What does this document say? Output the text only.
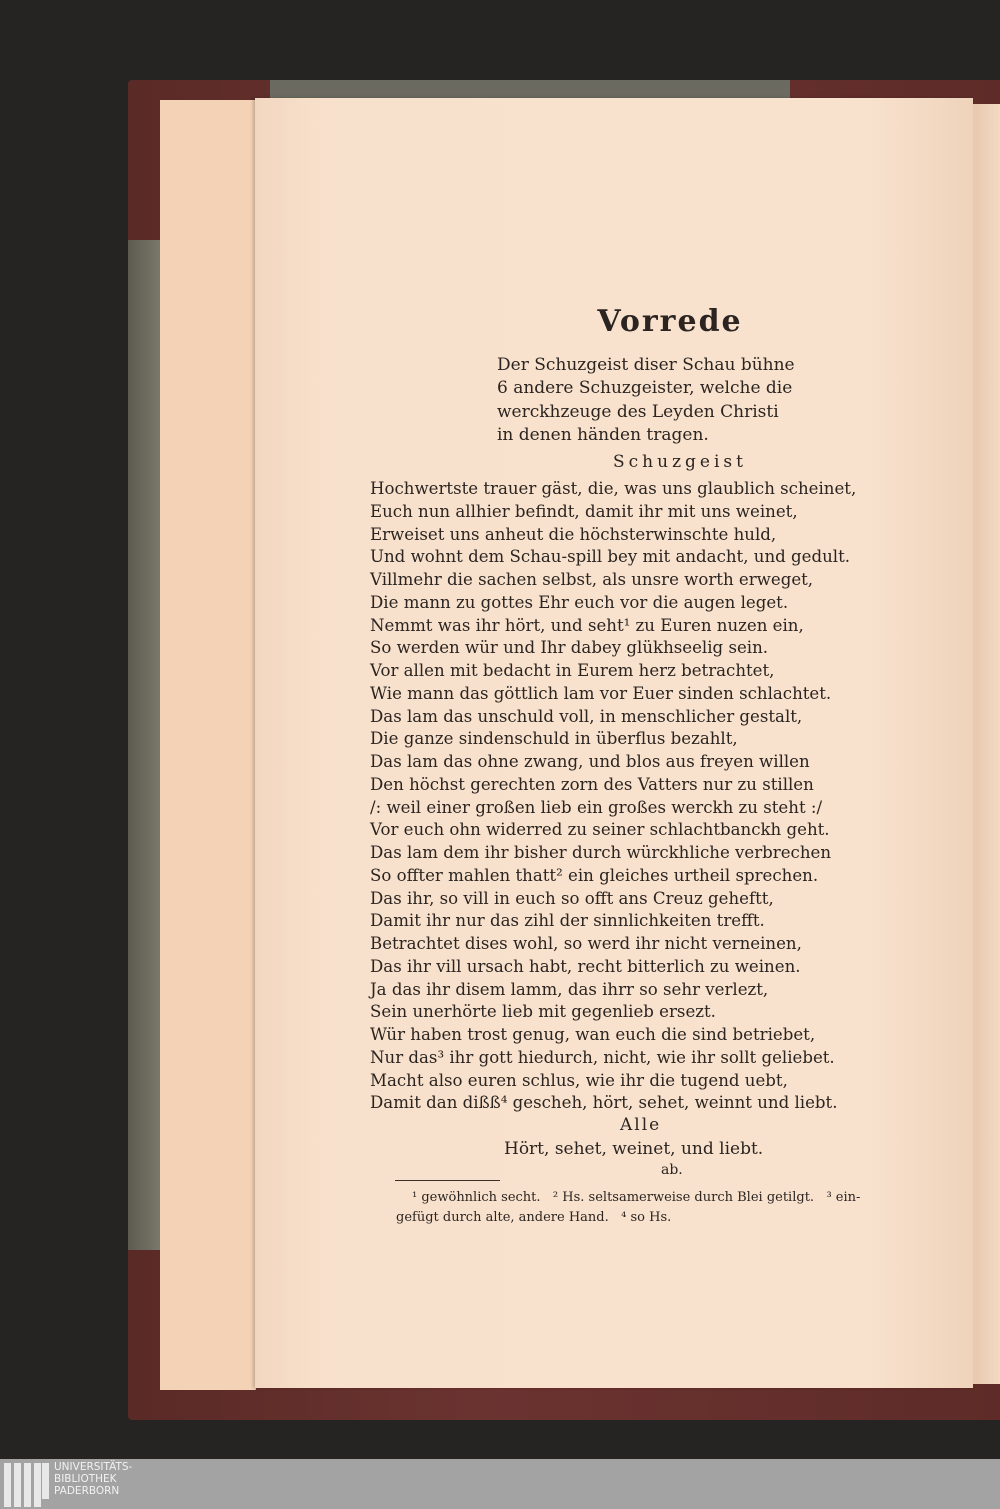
Vorrede
Der Schuzgeist diser Schau bühne
6 andere Schuzgeister, welche die
werckhzeuge des Leyden Christi
in denen händen tragen.
Schuzgeist
Hochwertste trauer gäst, die, was uns glaublich scheinet,
Euch nun allhier befindt, damit ihr mit uns weinet,
Erweiset uns anheut die höchsterwinschte huld,
Und wohnt dem Schau-spill bey mit andacht, und gedult.
Villmehr die sachen selbst, als unsre worth erweget,
Die mann zu gottes Ehr euch vor die augen leget.
Nemmt was ihr hört, und seht¹ zu Euren nuzen ein,
So werden wür und Ihr dabey glükhseelig sein.
Vor allen mit bedacht in Eurem herz betrachtet,
Wie mann das göttlich lam vor Euer sinden schlachtet.
Das lam das unschuld voll, in menschlicher gestalt,
Die ganze sindenschuld in überflus bezahlt,
Das lam das ohne zwang, und blos aus freyen willen
Den höchst gerechten zorn des Vatters nur zu stillen
/: weil einer großen lieb ein großes werckh zu steht :/
Vor euch ohn widerred zu seiner schlachtbanckh geht.
Das lam dem ihr bisher durch würckhliche verbrechen
So offter mahlen thatt² ein gleiches urtheil sprechen.
Das ihr, so vill in euch so offt ans Creuz geheftt,
Damit ihr nur das zihl der sinnlichkeiten trefft.
Betrachtet dises wohl, so werd ihr nicht verneinen,
Das ihr vill ursach habt, recht bitterlich zu weinen.
Ja das ihr disem lamm, das ihrr so sehr verlezt,
Sein unerhörte lieb mit gegenlieb ersezt.
Wür haben trost genug, wan euch die sind betriebet,
Nur das³ ihr gott hiedurch, nicht, wie ihr sollt geliebet.
Macht also euren schlus, wie ihr die tugend uebt,
Damit dan dißß⁴ gescheh, hört, sehet, weinnt und liebt.
Alle
Hört, sehet, weinet, und liebt.
ab.
¹ gewöhnlich secht.   ² Hs. seltsamerweise durch Blei getilgt.   ³ ein-
gefügt durch alte, andere Hand.   ⁴ so Hs.
UNIVERSITÄTS-
BIBLIOTHEK
PADERBORN
